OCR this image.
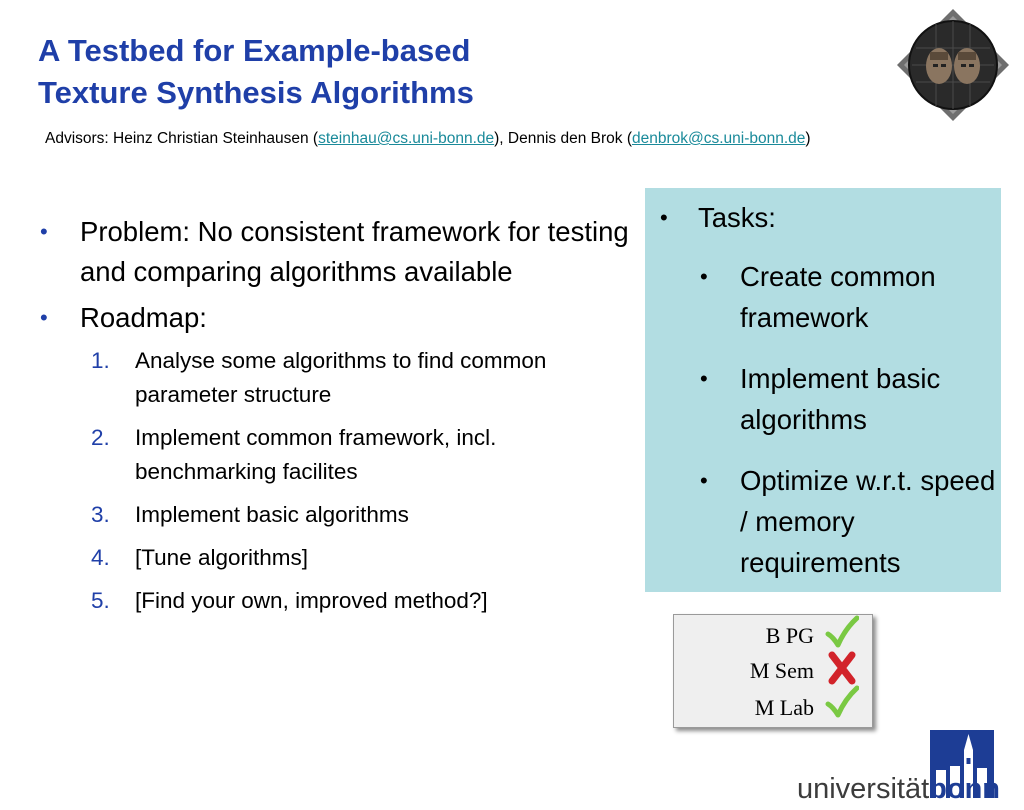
A Testbed for Example-based
Texture Synthesis Algorithms
Advisors: Heinz Christian Steinhausen (steinhau@cs.uni-bonn.de), Dennis den Brok (denbrok@cs.uni-bonn.de)
• Problem: No consistent framework for testing and comparing algorithms available
• Roadmap:
1. Analyse some algorithms to find common parameter structure
2. Implement common framework, incl. benchmarking facilites
3. Implement basic algorithms
4. [Tune algorithms]
5. [Find your own, improved method?]
• Tasks:
• Create common framework
• Implement basic algorithms
• Optimize w.r.t. speed / memory requirements
B PG
M Sem
M Lab
universitätbonn
